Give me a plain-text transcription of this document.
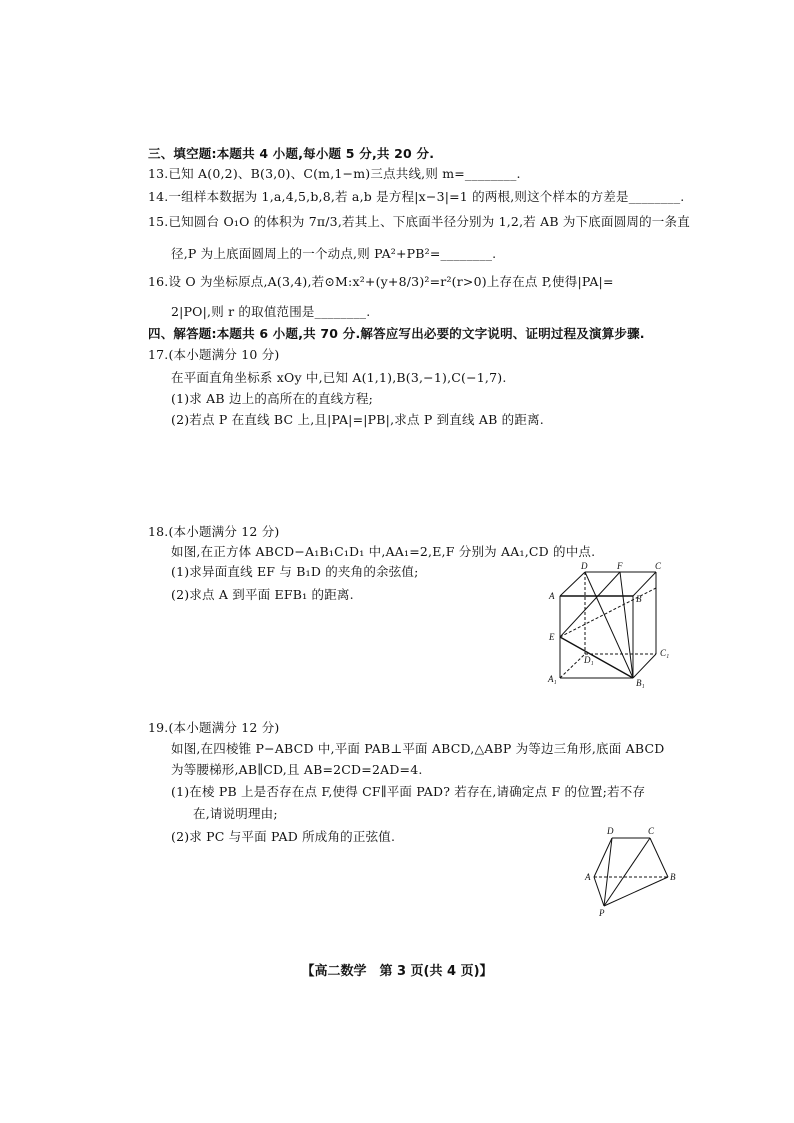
三、填空题:本题共 4 小题,每小题 5 分,共 20 分.
13.已知 A(0,2)、B(3,0)、C(m,1−m)三点共线,则 m=________.
14.一组样本数据为 1,a,4,5,b,8,若 a,b 是方程|x−3|=1 的两根,则这个样本的方差是________.
15.已知圆台 O₁O 的体积为 7π/3,若其上、下底面半径分别为 1,2,若 AB 为下底面圆周的一条直
径,P 为上底面圆周上的一个动点,则 PA²+PB²=________.
16.设 O 为坐标原点,A(3,4),若⊙M:x²+(y+8/3)²=r²(r>0)上存在点 P,使得|PA|=
2|PO|,则 r 的取值范围是________.
四、解答题:本题共 6 小题,共 70 分.解答应写出必要的文字说明、证明过程及演算步骤.
17.(本小题满分 10 分)
在平面直角坐标系 xOy 中,已知 A(1,1),B(3,−1),C(−1,7).
(1)求 AB 边上的高所在的直线方程;
(2)若点 P 在直线 BC 上,且|PA|=|PB|,求点 P 到直线 AB 的距离.
18.(本小题满分 12 分)
如图,在正方体 ABCD−A₁B₁C₁D₁ 中,AA₁=2,E,F 分别为 AA₁,CD 的中点.
(1)求异面直线 EF 与 B₁D 的夹角的余弦值;
(2)求点 A 到平面 EFB₁ 的距离.
D	F	C
A	B
E
D₁
C₁
A₁	B₁
19.(本小题满分 12 分)
如图,在四棱锥 P−ABCD 中,平面 PAB⊥平面 ABCD,△ABP 为等边三角形,底面 ABCD
为等腰梯形,AB∥CD,且 AB=2CD=2AD=4.
(1)在棱 PB 上是否存在点 F,使得 CF∥平面 PAD? 若存在,请确定点 F 的位置;若不存
在,请说明理由;
(2)求 PC 与平面 PAD 所成角的正弦值.	D	C
A	B
P
【高二数学　第 3 页(共 4 页)】
